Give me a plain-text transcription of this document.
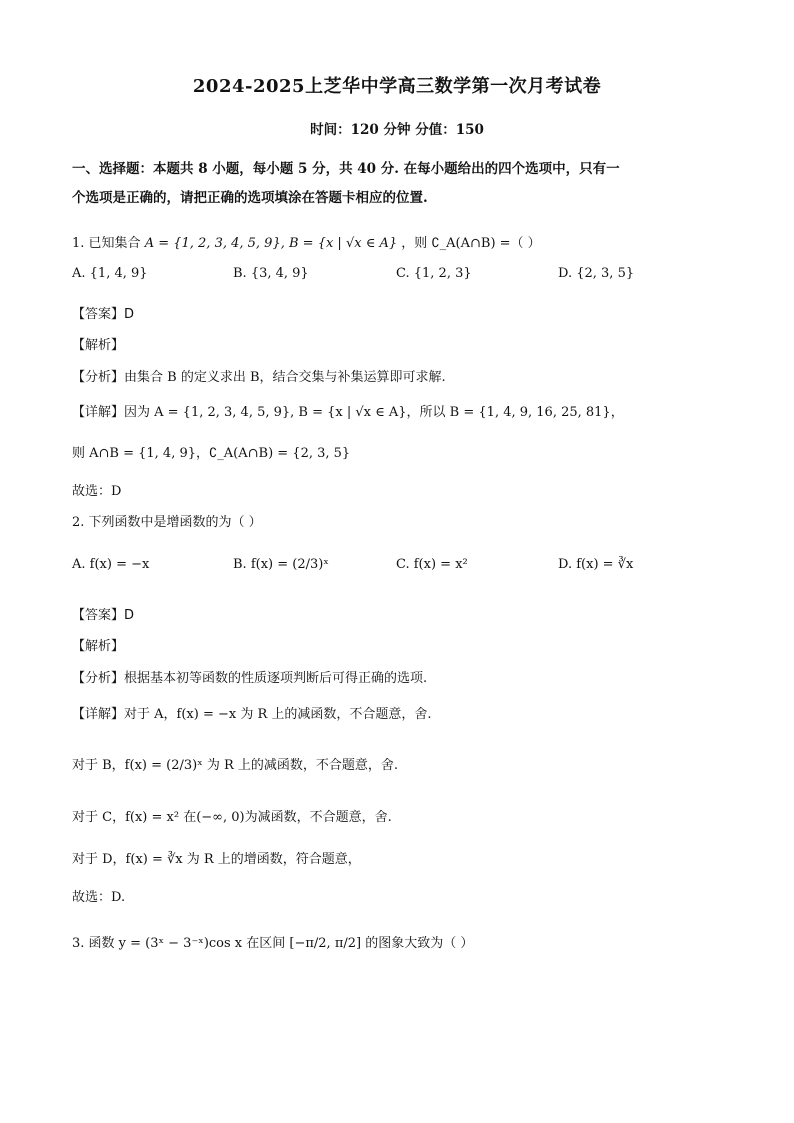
2024-2025上芝华中学高三数学第一次月考试卷
时间：120 分钟 分值：150
一、选择题：本题共 8 小题，每小题 5 分，共 40 分. 在每小题给出的四个选项中，只有一
个选项是正确的，请把正确的选项填涂在答题卡相应的位置.
1. 已知集合 A = {1, 2, 3, 4, 5, 9}, B = {x | √x ∈ A} ，则 ∁_A(A∩B) =（ ）
A. {1, 4, 9}	B. {3, 4, 9}	C. {1, 2, 3}	D. {2, 3, 5}
【答案】D
【解析】
【分析】由集合 B 的定义求出 B，结合交集与补集运算即可求解.
【详解】因为 A = {1, 2, 3, 4, 5, 9}, B = {x | √x ∈ A}，所以 B = {1, 4, 9, 16, 25, 81}，
则 A∩B = {1, 4, 9}，∁_A(A∩B) = {2, 3, 5}
故选：D
2. 下列函数中是增函数的为（ ）
A. f(x) = −x	B. f(x) = (2/3)ˣ	C. f(x) = x²	D. f(x) = ∛x
【答案】D
【解析】
【分析】根据基本初等函数的性质逐项判断后可得正确的选项.
【详解】对于 A，f(x) = −x 为 R 上的减函数，不合题意，舍.
对于 B，f(x) = (2/3)ˣ 为 R 上的减函数，不合题意，舍.
对于 C，f(x) = x² 在(−∞, 0)为减函数，不合题意，舍.
对于 D，f(x) = ∛x 为 R 上的增函数，符合题意，
故选：D.
3. 函数 y = (3ˣ − 3⁻ˣ)cos x 在区间 [−π/2, π/2] 的图象大致为（ ）
